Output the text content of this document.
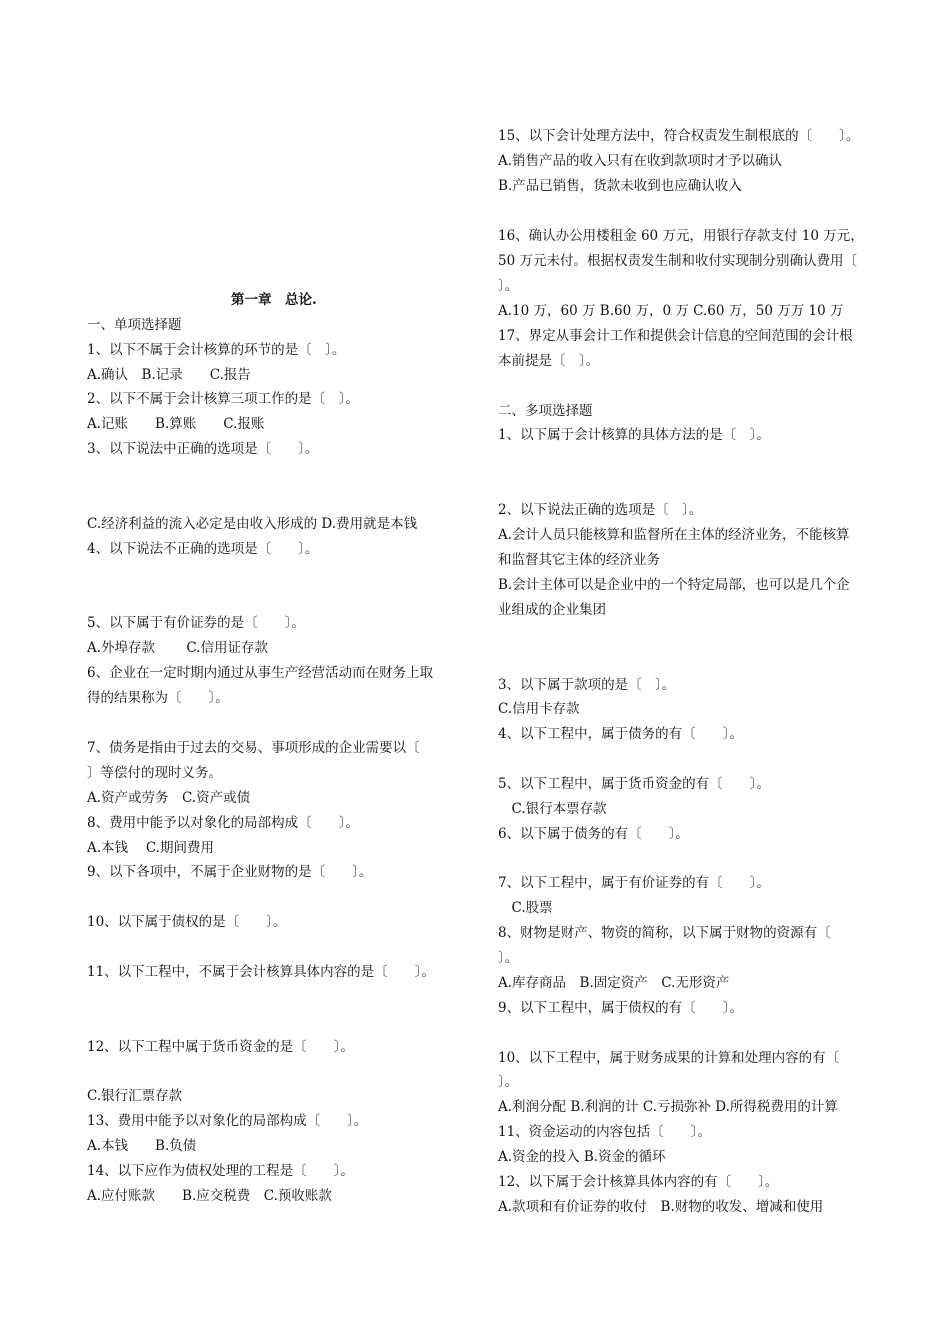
第一章　总论.
一、单项选择题
1、以下不属于会计核算的环节的是〔　〕。
A.确认　B.记录　　C.报告
2、以下不属于会计核算三项工作的是〔　〕。
A.记账　　B.算账　　C.报账
3、以下说法中正确的选项是〔　　〕。
C.经济利益的流入必定是由收入形成的 D.费用就是本钱
4、以下说法不正确的选项是〔　　〕。
5、以下属于有价证券的是〔　　〕。
A.外埠存款　　 C.信用证存款
6、企业在一定时期内通过从事生产经营活动而在财务上取
得的结果称为〔　　〕。
7、债务是指由于过去的交易、事项形成的企业需要以〔
〕等偿付的现时义务。
A.资产或劳务　C.资产或债
8、费用中能予以对象化的局部构成〔　　〕。
A.本钱　 C.期间费用
9、以下各项中，不属于企业财物的是〔　　〕。
10、以下属于债权的是〔　　〕。
11、以下工程中，不属于会计核算具体内容的是〔　　〕。
12、以下工程中属于货币资金的是〔　　〕。
C.银行汇票存款
13、费用中能予以对象化的局部构成〔　　〕。
A.本钱　　B.负债
14、以下应作为债权处理的工程是〔　　〕。
A.应付账款　　B.应交税费　C.预收账款
15、以下会计处理方法中，符合权责发生制根底的〔　　〕。
A.销售产品的收入只有在收到款项时才予以确认
B.产品已销售，货款未收到也应确认收入
16、确认办公用楼租金 60 万元，用银行存款支付 10 万元，
50 万元未付。根据权责发生制和收付实现制分别确认费用〔
〕。
A.10 万，60 万 B.60 万，0 万 C.60 万，50 万万 10 万
17、界定从事会计工作和提供会计信息的空间范围的会计根
本前提是〔　〕。
二、多项选择题
1、以下属于会计核算的具体方法的是〔　〕。
2、以下说法正确的选项是〔　〕。
A.会计人员只能核算和监督所在主体的经济业务，不能核算
和监督其它主体的经济业务
B.会计主体可以是企业中的一个特定局部，也可以是几个企
业组成的企业集团
3、以下属于款项的是〔　〕。
C.信用卡存款
4、以下工程中，属于债务的有〔　　〕。
5、以下工程中，属于货币资金的有〔　　〕。
　C.银行本票存款
6、以下属于债务的有〔　　〕。
7、以下工程中，属于有价证券的有〔　　〕。
　C.股票
8、财物是财产、物资的简称，以下属于财物的资源有〔
〕。
A.库存商品　B.固定资产　C.无形资产
9、以下工程中，属于债权的有〔　　〕。
10、以下工程中，属于财务成果的计算和处理内容的有〔
〕。
A.利润分配 B.利润的计 C.亏损弥补 D.所得税费用的计算
11、资金运动的内容包括〔　　〕。
A.资金的投入 B.资金的循环
12、以下属于会计核算具体内容的有〔　　〕。
A.款项和有价证券的收付　B.财物的收发、增减和使用
